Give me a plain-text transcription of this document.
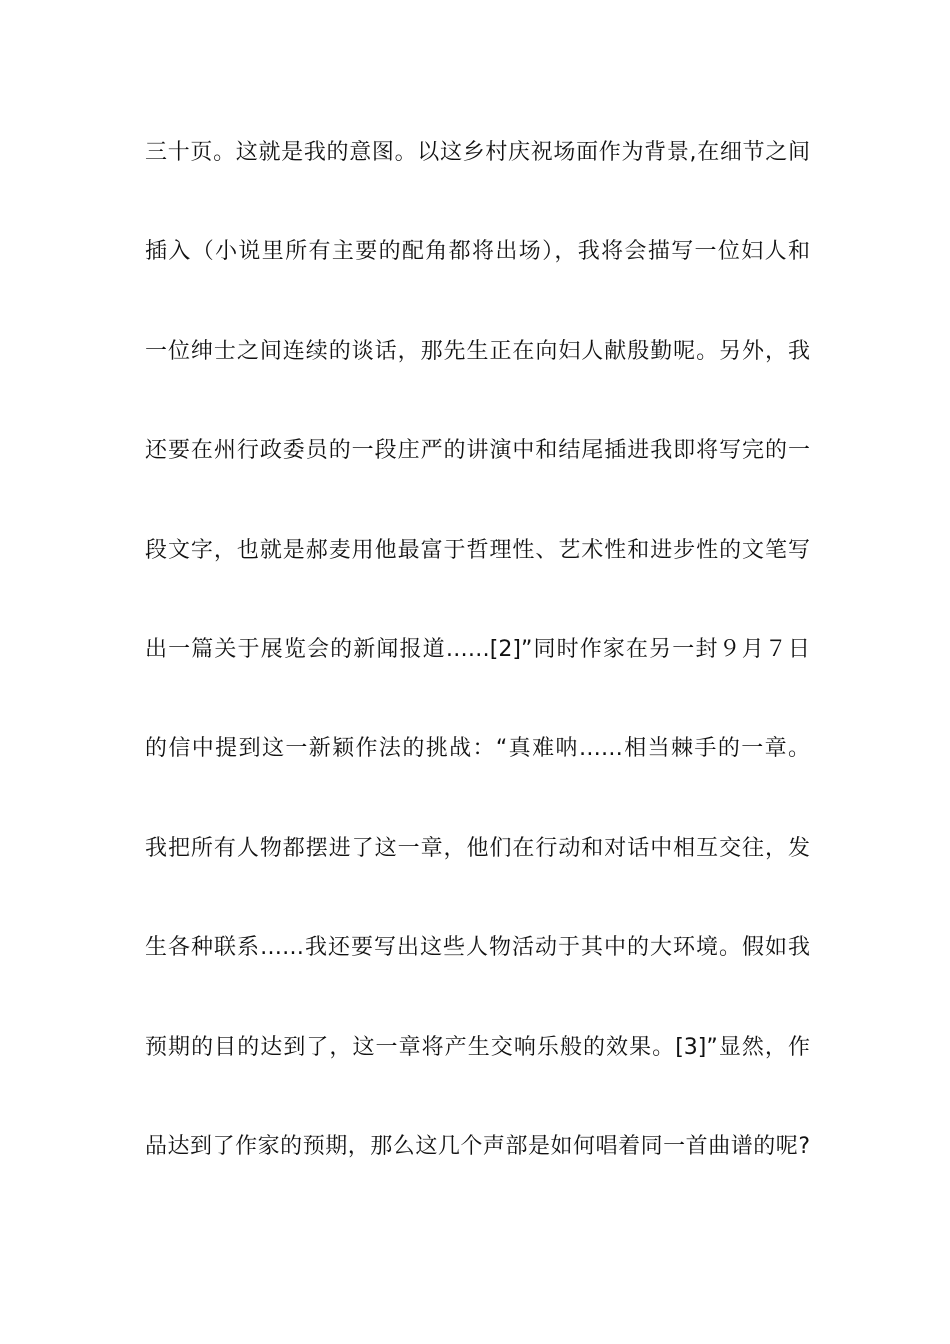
三十页。这就是我的意图。以这乡村庆祝场面作为背景,在细节之间
插入（小说里所有主要的配角都将出场），我将会描写一位妇人和
一位绅士之间连续的谈话，那先生正在向妇人献殷勤呢。另外，我
还要在州行政委员的一段庄严的讲演中和结尾插进我即将写完的一
段文字，也就是郝麦用他最富于哲理性、艺术性和进步性的文笔写
出一篇关于展览会的新闻报道……[2]”同时作家在另一封９月７日
的信中提到这一新颖作法的挑战：“真难呐……相当棘手的一章。
我把所有人物都摆进了这一章，他们在行动和对话中相互交往，发
生各种联系……我还要写出这些人物活动于其中的大环境。假如我
预期的目的达到了，这一章将产生交响乐般的效果。[3]”显然，作
品达到了作家的预期，那么这几个声部是如何唱着同一首曲谱的呢?
